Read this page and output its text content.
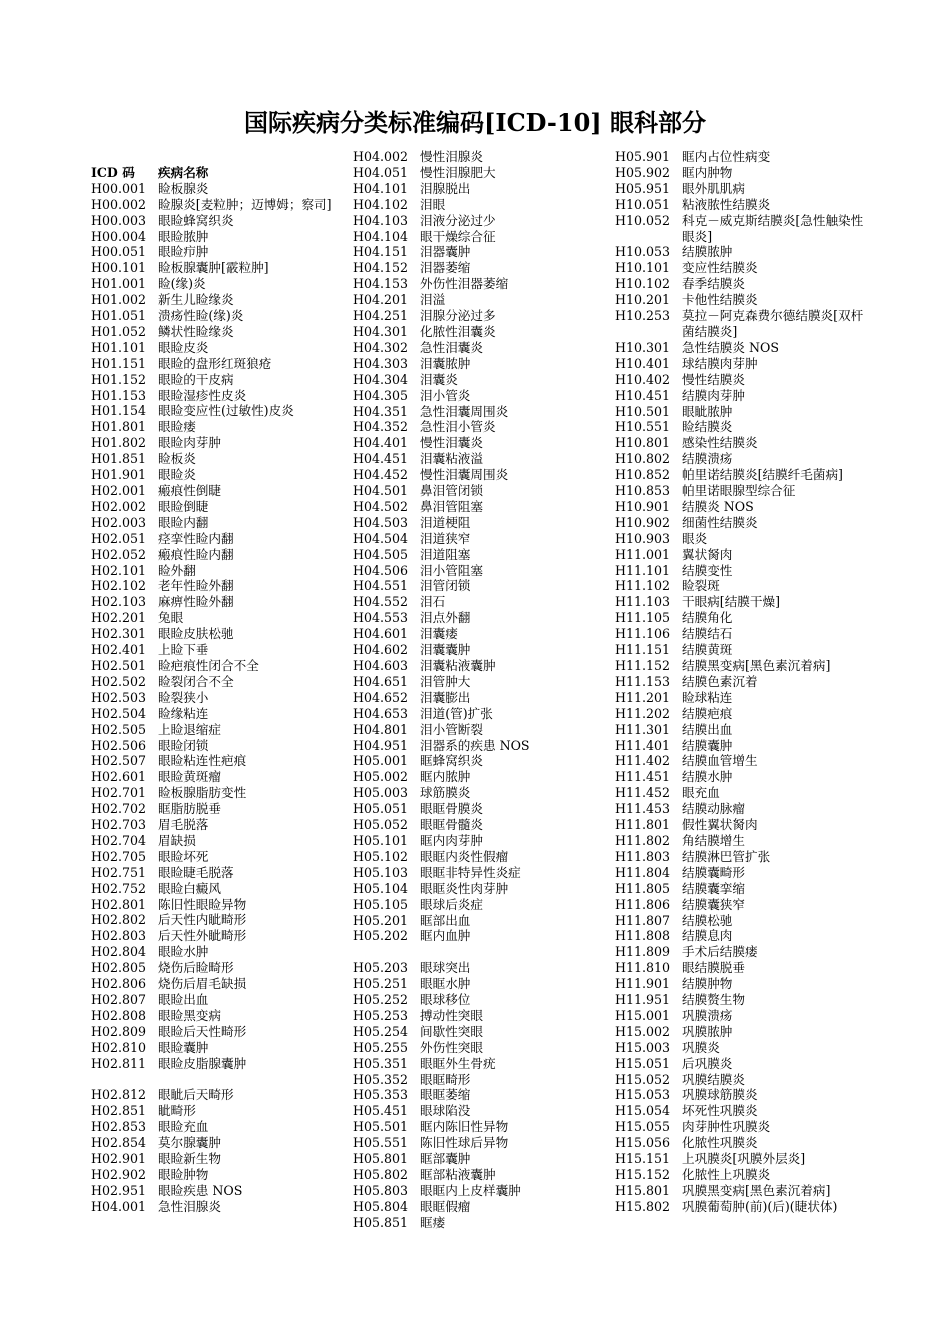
国际疾病分类标准编码[ICD-10] 眼科部分
ICD 码 疾病名称
H00.001 睑板腺炎
H00.002 睑腺炎[麦粒肿；迈博姆；察司]
H00.003 眼睑蜂窝织炎
H00.004 眼睑脓肿
H00.051 眼睑疖肿
H00.101 睑板腺囊肿[霰粒肿]
H01.001 睑(缘)炎
H01.002 新生儿睑缘炎
H01.051 溃疡性睑(缘)炎
H01.052 鳞状性睑缘炎
H01.101 眼睑皮炎
H01.151 眼睑的盘形红斑狼疮
H01.152 眼睑的干皮病
H01.153 眼睑湿疹性皮炎
H01.154 眼睑变应性(过敏性)皮炎
H01.801 眼睑瘘
H01.802 眼睑肉芽肿
H01.851 睑板炎
H01.901 眼睑炎
H02.001 瘢痕性倒睫
H02.002 眼睑倒睫
H02.003 眼睑内翻
H02.051 痉挛性睑内翻
H02.052 瘢痕性睑内翻
H02.101 睑外翻
H02.102 老年性睑外翻
H02.103 麻痹性睑外翻
H02.201 兔眼
H02.301 眼睑皮肤松驰
H02.401 上睑下垂
H02.501 睑疤痕性闭合不全
H02.502 睑裂闭合不全
H02.503 睑裂狭小
H02.504 睑缘粘连
H02.505 上睑退缩症
H02.506 眼睑闭锁
H02.507 眼睑粘连性疤痕
H02.601 眼睑黄斑瘤
H02.701 睑板腺脂肪变性
H02.702 眶脂肪脱垂
H02.703 眉毛脱落
H02.704 眉缺损
H02.705 眼睑坏死
H02.751 眼睑睫毛脱落
H02.752 眼睑白癜风
H02.801 陈旧性眼睑异物
H02.802 后天性内眦畸形
H02.803 后天性外眦畸形
H02.804 眼睑水肿
H02.805 烧伤后睑畸形
H02.806 烧伤后眉毛缺损
H02.807 眼睑出血
H02.808 眼睑黑变病
H02.809 眼睑后天性畸形
H02.810 眼睑囊肿
H02.811 眼睑皮脂腺囊肿
H02.812 眼眦后天畸形
H02.851 眦畸形
H02.853 眼睑充血
H02.854 莫尔腺囊肿
H02.901 眼睑新生物
H02.902 眼睑肿物
H02.951 眼睑疾患 NOS
H04.001 急性泪腺炎
H04.002 慢性泪腺炎
H04.051 慢性泪腺肥大
H04.101 泪腺脱出
H04.102 泪眼
H04.103 泪液分泌过少
H04.104 眼干燥综合征
H04.151 泪器囊肿
H04.152 泪器萎缩
H04.153 外伤性泪器萎缩
H04.201 泪溢
H04.251 泪腺分泌过多
H04.301 化脓性泪囊炎
H04.302 急性泪囊炎
H04.303 泪囊脓肿
H04.304 泪囊炎
H04.305 泪小管炎
H04.351 急性泪囊周围炎
H04.352 急性泪小管炎
H04.401 慢性泪囊炎
H04.451 泪囊粘液溢
H04.452 慢性泪囊周围炎
H04.501 鼻泪管闭锁
H04.502 鼻泪管阻塞
H04.503 泪道梗阻
H04.504 泪道狭窄
H04.505 泪道阻塞
H04.506 泪小管阻塞
H04.551 泪管闭锁
H04.552 泪石
H04.553 泪点外翻
H04.601 泪囊瘘
H04.602 泪囊囊肿
H04.603 泪囊粘液囊肿
H04.651 泪管肿大
H04.652 泪囊膨出
H04.653 泪道(管)扩张
H04.801 泪小管断裂
H04.951 泪器系的疾患 NOS
H05.001 眶蜂窝织炎
H05.002 眶内脓肿
H05.003 球筋膜炎
H05.051 眼眶骨膜炎
H05.052 眼眶骨髓炎
H05.101 眶内肉芽肿
H05.102 眼眶内炎性假瘤
H05.103 眼眶非特异性炎症
H05.104 眼眶炎性肉芽肿
H05.105 眼球后炎症
H05.201 眶部出血
H05.202 眶内血肿
H05.203 眼球突出
H05.251 眼眶水肿
H05.252 眼球移位
H05.253 搏动性突眼
H05.254 间歇性突眼
H05.255 外伤性突眼
H05.351 眼眶外生骨疣
H05.352 眼眶畸形
H05.353 眼眶萎缩
H05.451 眼球陷没
H05.501 眶内陈旧性异物
H05.551 陈旧性球后异物
H05.801 眶部囊肿
H05.802 眶部粘液囊肿
H05.803 眼眶内上皮样囊肿
H05.804 眼眶假瘤
H05.851 眶瘘
H05.901 眶内占位性病变
H05.902 眶内肿物
H05.951 眼外肌肌病
H10.051 粘液脓性结膜炎
H10.052 科克－威克斯结膜炎[急性触染性眼炎]
H10.053 结膜脓肿
H10.101 变应性结膜炎
H10.102 春季结膜炎
H10.201 卡他性结膜炎
H10.253 莫拉－阿克森费尔德结膜炎[双杆菌结膜炎]
H10.301 急性结膜炎 NOS
H10.401 球结膜肉芽肿
H10.402 慢性结膜炎
H10.451 结膜肉芽肿
H10.501 眼眦脓肿
H10.551 睑结膜炎
H10.801 感染性结膜炎
H10.802 结膜溃疡
H10.852 帕里诺结膜炎[结膜纤毛菌病]
H10.853 帕里诺眼腺型综合征
H10.901 结膜炎 NOS
H10.902 细菌性结膜炎
H10.903 眼炎
H11.001 翼状胬肉
H11.101 结膜变性
H11.102 睑裂斑
H11.103 干眼病[结膜干燥]
H11.105 结膜角化
H11.106 结膜结石
H11.151 结膜黄斑
H11.152 结膜黑变病[黑色素沉着病]
H11.153 结膜色素沉着
H11.201 睑球粘连
H11.202 结膜疤痕
H11.301 结膜出血
H11.401 结膜囊肿
H11.402 结膜血管增生
H11.451 结膜水肿
H11.452 眼充血
H11.453 结膜动脉瘤
H11.801 假性翼状胬肉
H11.802 角结膜增生
H11.803 结膜淋巴管扩张
H11.804 结膜囊畸形
H11.805 结膜囊挛缩
H11.806 结膜囊狭窄
H11.807 结膜松驰
H11.808 结膜息肉
H11.809 手术后结膜瘘
H11.810 眼结膜脱垂
H11.901 结膜肿物
H11.951 结膜赘生物
H15.001 巩膜溃疡
H15.002 巩膜脓肿
H15.003 巩膜炎
H15.051 后巩膜炎
H15.052 巩膜结膜炎
H15.053 巩膜球筋膜炎
H15.054 坏死性巩膜炎
H15.055 肉芽肿性巩膜炎
H15.056 化脓性巩膜炎
H15.151 上巩膜炎[巩膜外层炎]
H15.152 化脓性上巩膜炎
H15.801 巩膜黑变病[黑色素沉着病]
H15.802 巩膜葡萄肿(前)(后)(睫状体)
